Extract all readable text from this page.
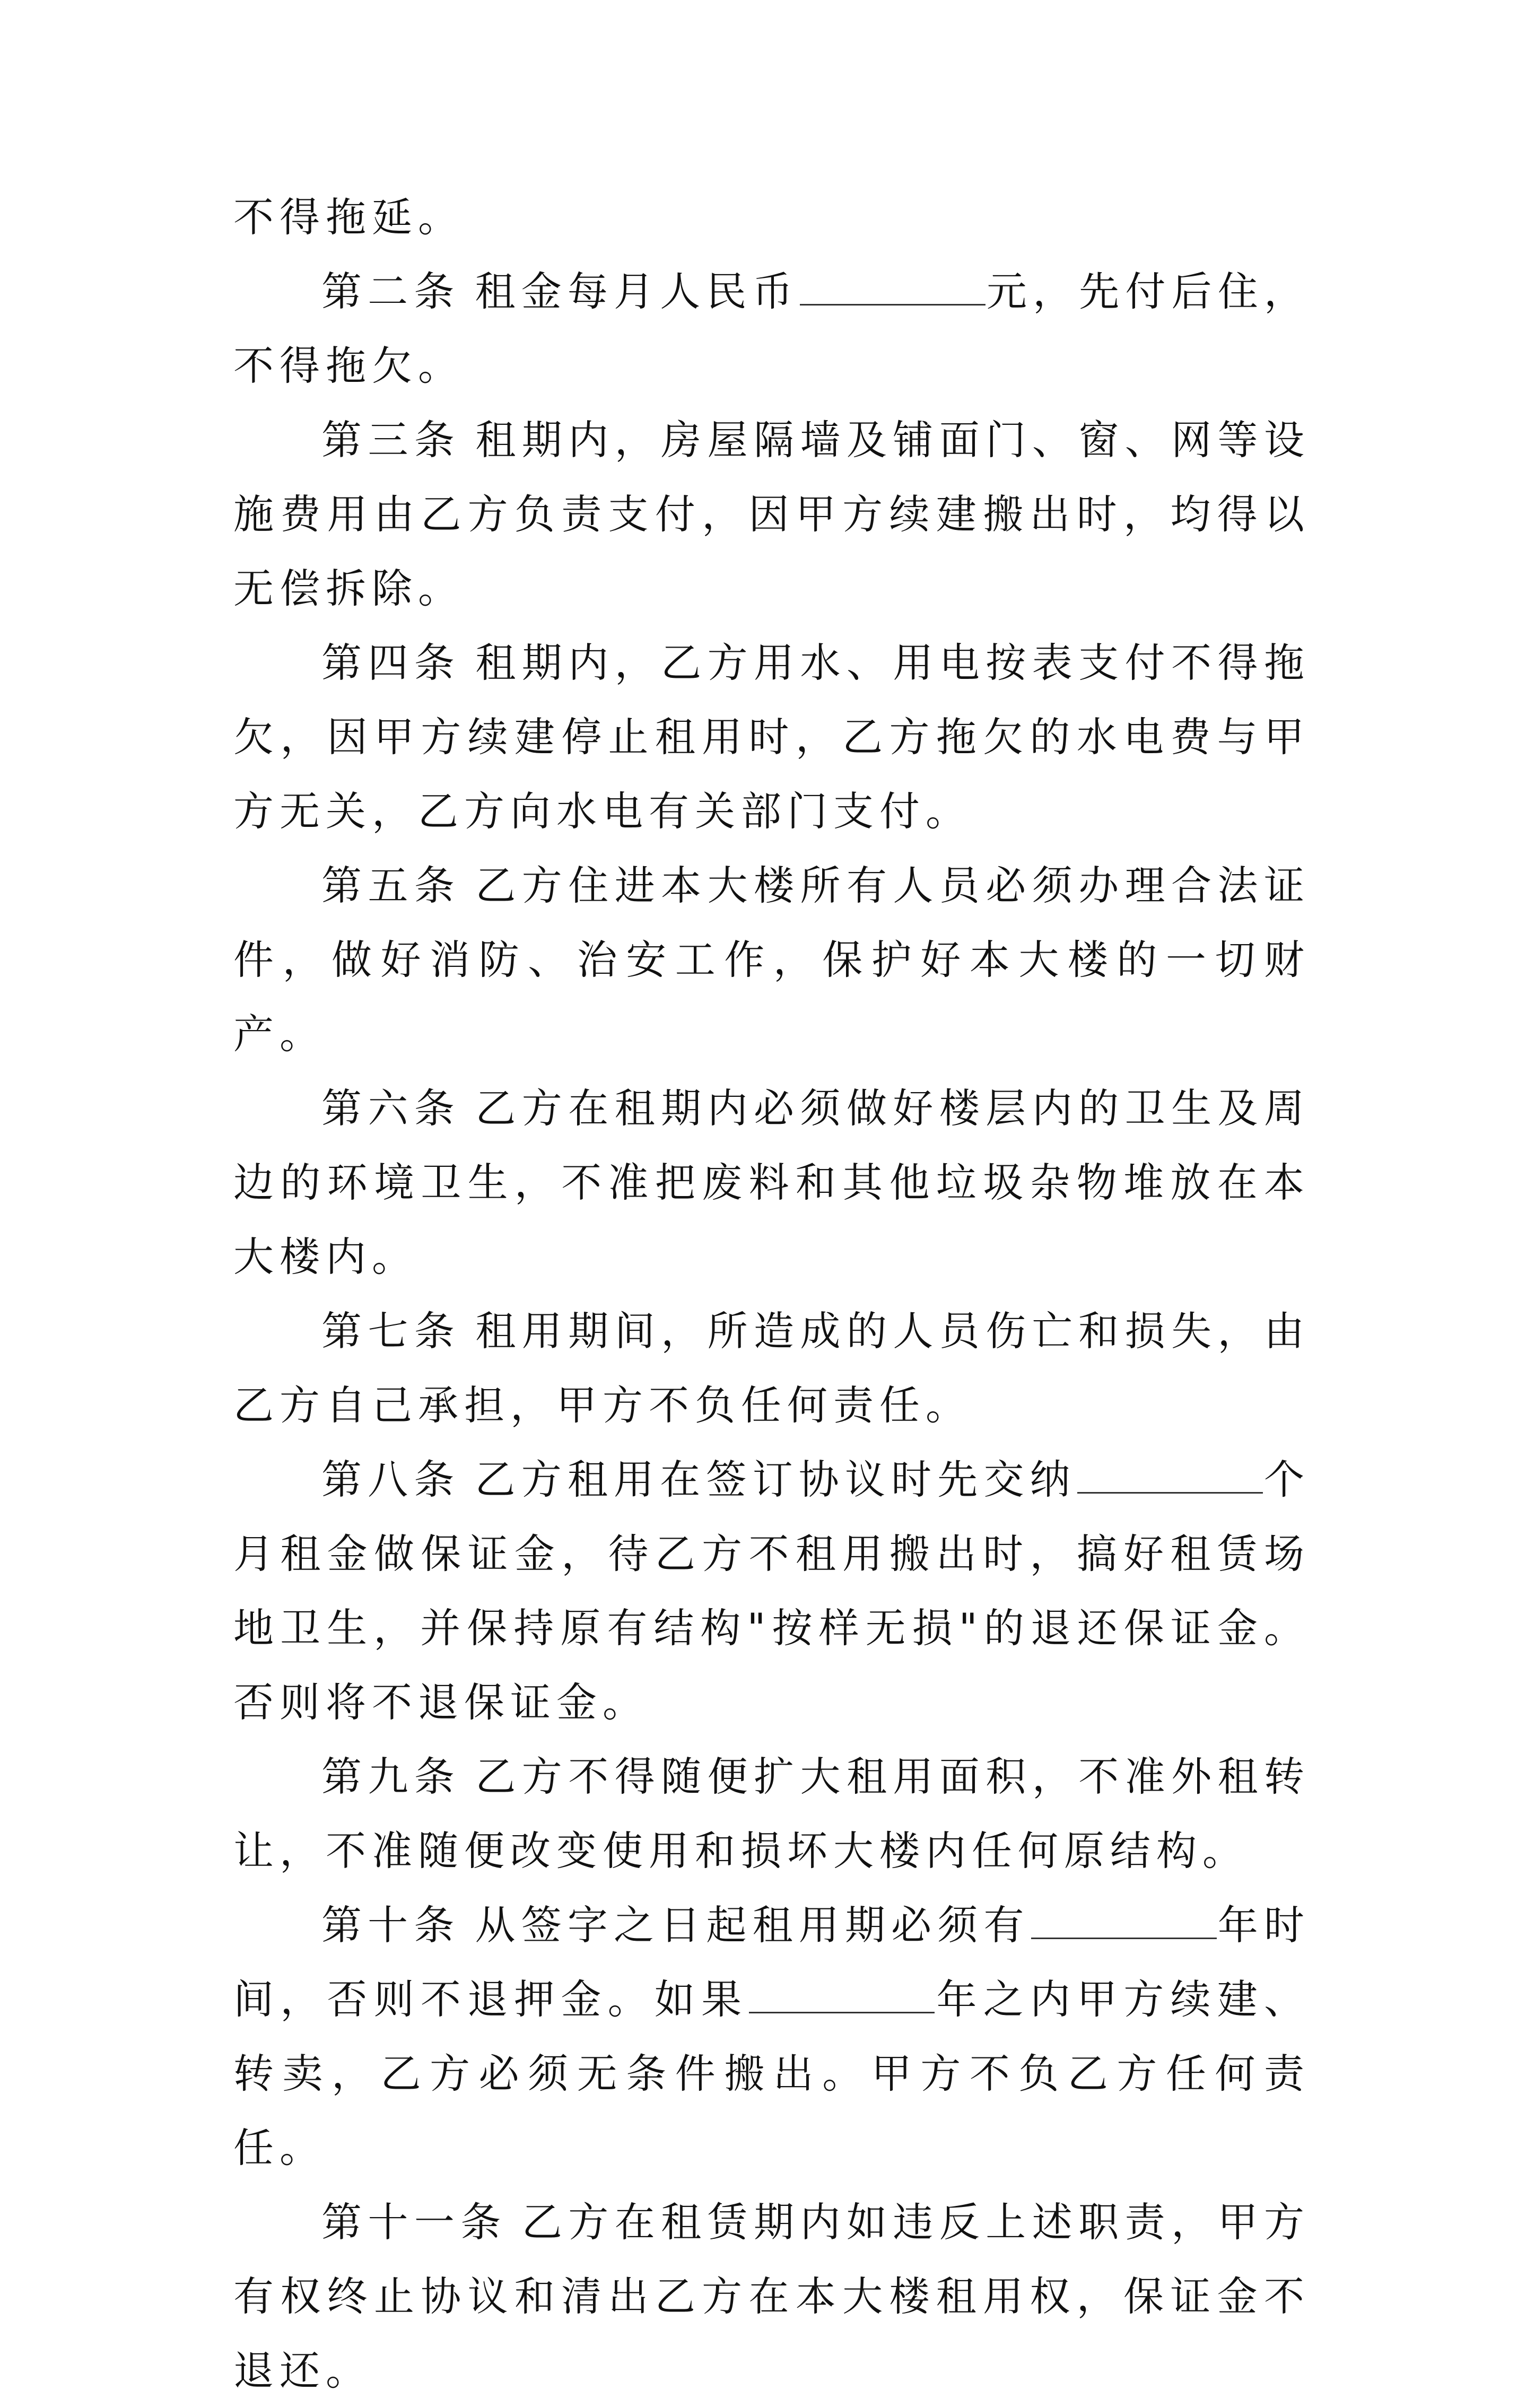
不得拖延。

第二条 租金每月人民币	元，先付后住，不得拖欠。

第三条 租期内，房屋隔墙及铺面门、窗、网等设施费用由乙方负责支付，因甲方续建搬出时，均得以无偿拆除。

第四条 租期内，乙方用水、用电按表支付不得拖欠，因甲方续建停止租用时，乙方拖欠的水电费与甲方无关，乙方向水电有关部门支付。

第五条 乙方住进本大楼所有人员必须办理合法证件，做好消防、治安工作，保护好本大楼的一切财产。

第六条 乙方在租期内必须做好楼层内的卫生及周边的环境卫生，不准把废料和其他垃圾杂物堆放在本大楼内。

第七条 租用期间，所造成的人员伤亡和损失，由乙方自己承担，甲方不负任何责任。

第八条 乙方租用在签订协议时先交纳	个月租金做保证金，待乙方不租用搬出时，搞好租赁场地卫生，并保持原有结构"按样无损"的退还保证金。否则将不退保证金。

第九条 乙方不得随便扩大租用面积，不准外租转让，不准随便改变使用和损坏大楼内任何原结构。

第十条 从签字之日起租用期必须有	年时间，否则不退押金。如果	年之内甲方续建、转卖，乙方必须无条件搬出。甲方不负乙方任何责任。

第十一条 乙方在租赁期内如违反上述职责，甲方有权终止协议和清出乙方在本大楼租用权，保证金不退还。
